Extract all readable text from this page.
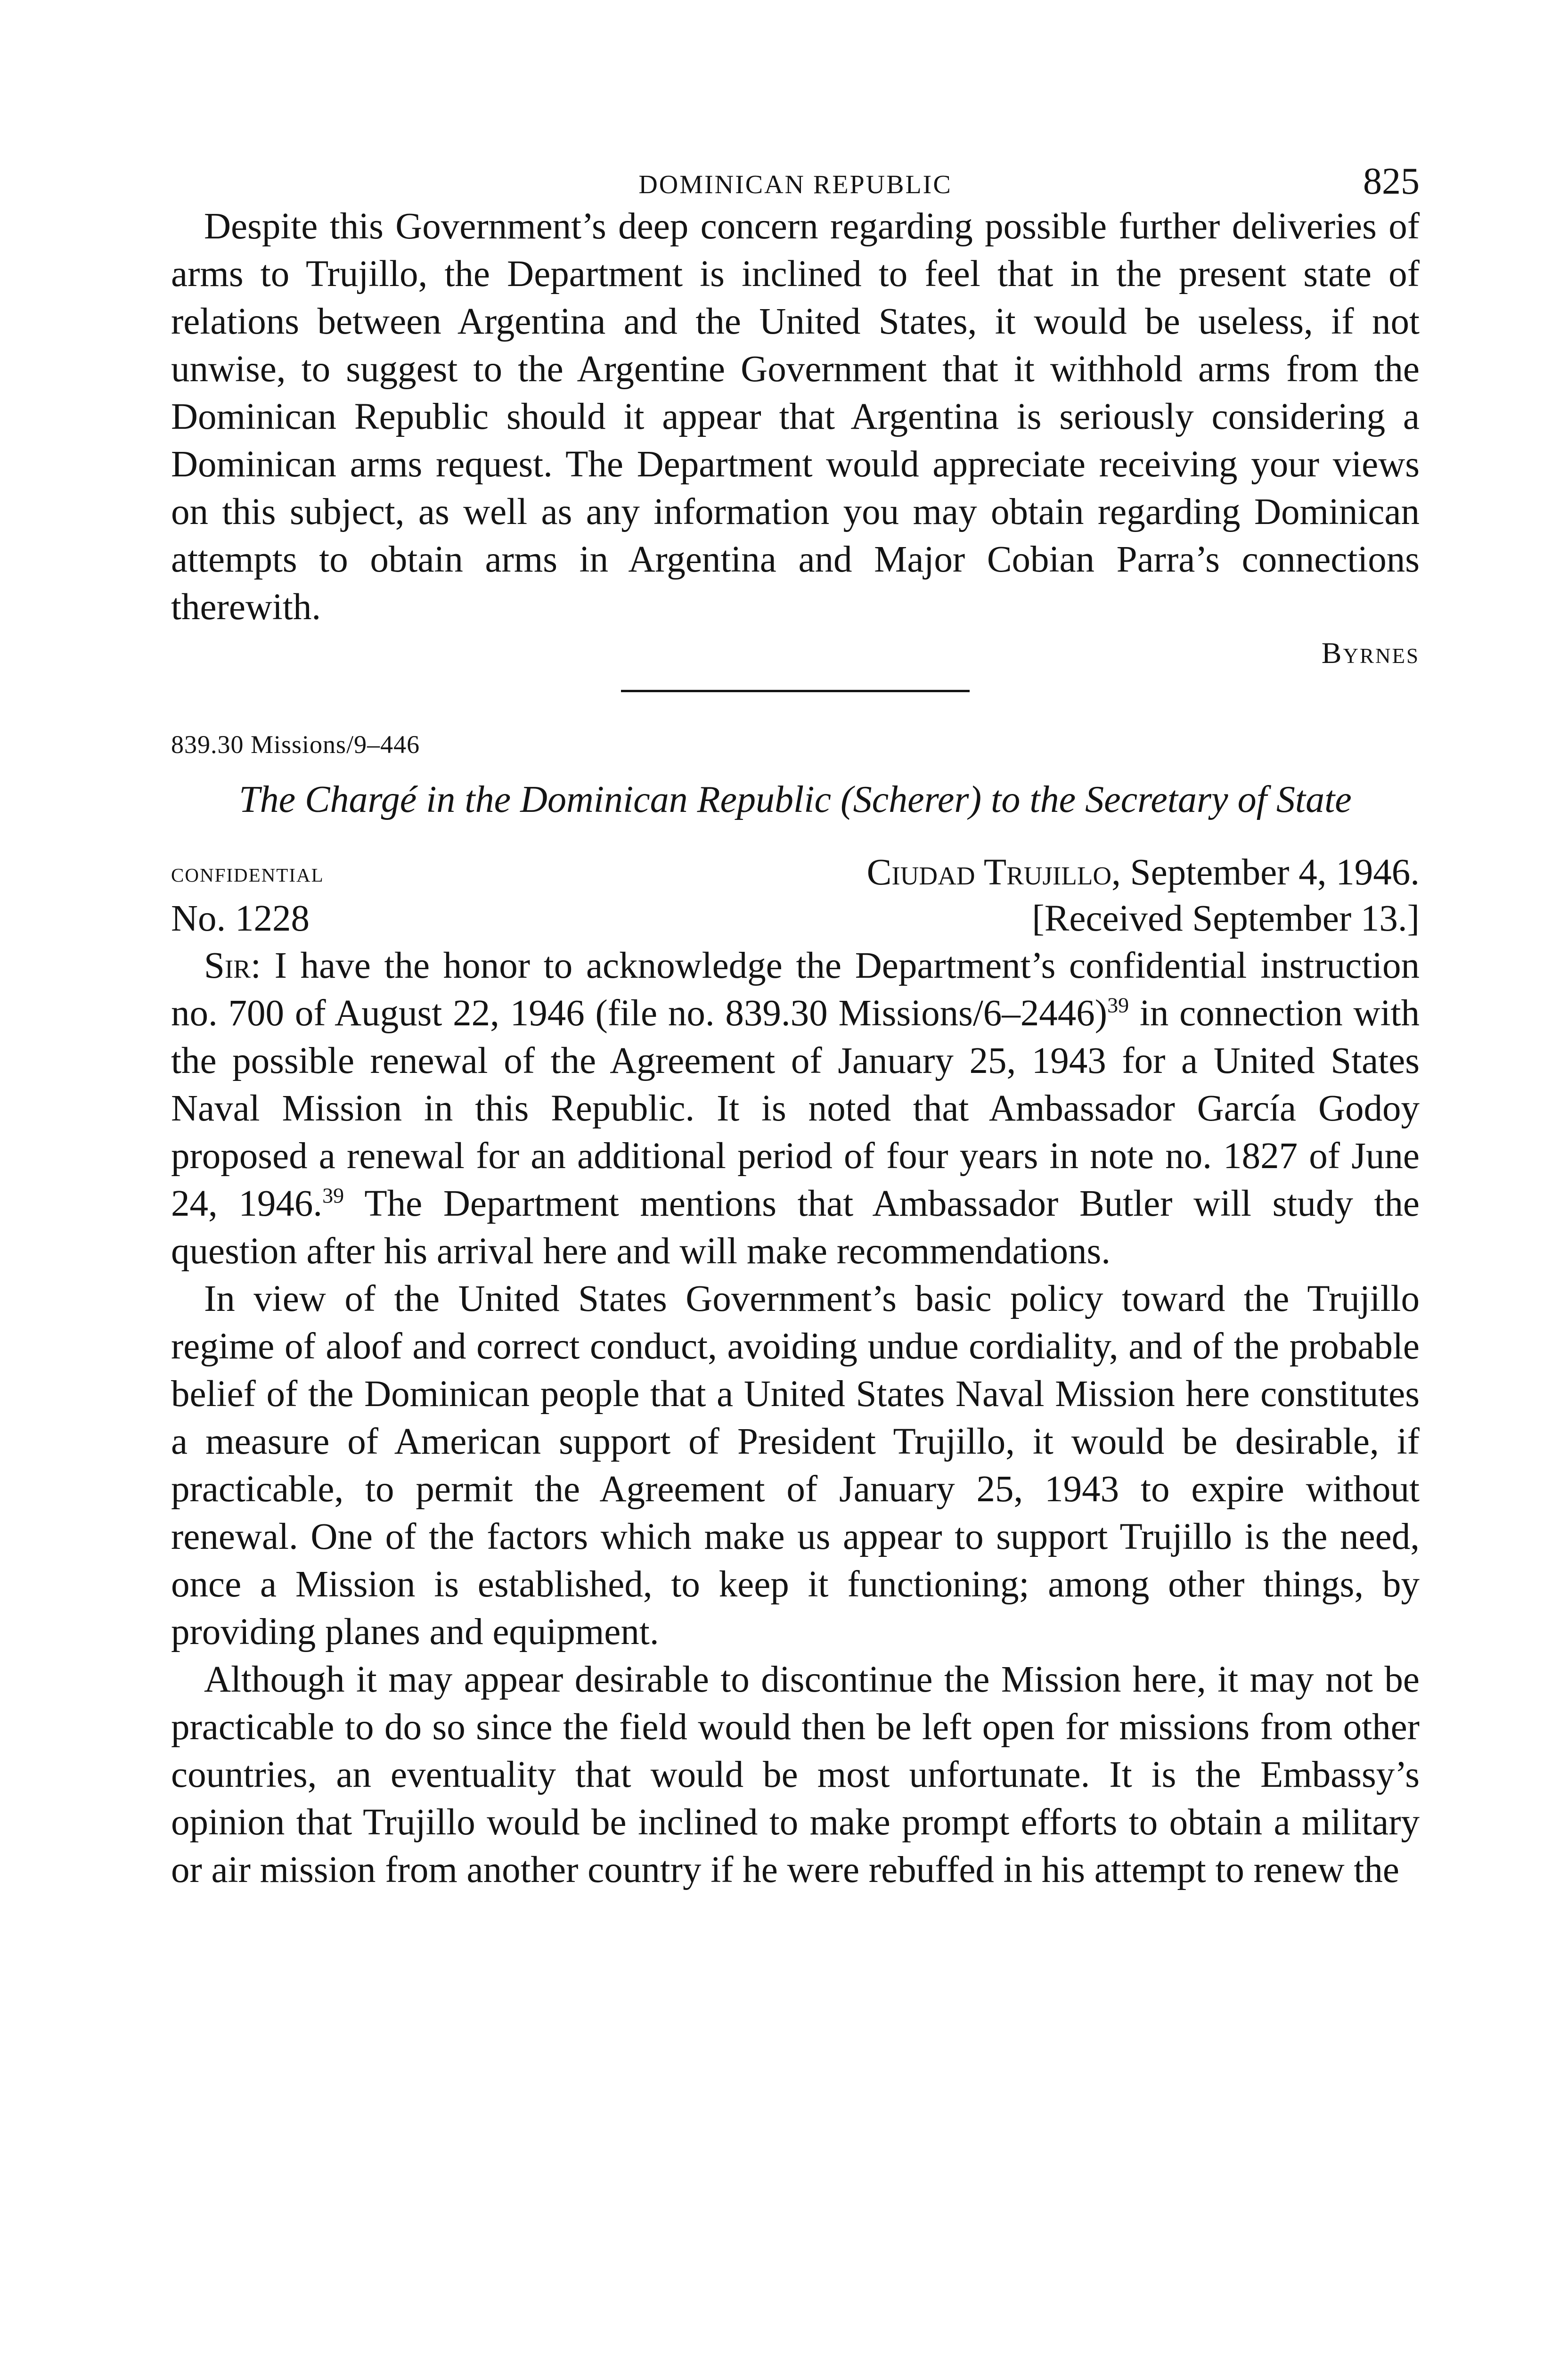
DOMINICAN REPUBLIC	825

Despite this Government’s deep concern regarding possible further deliveries of arms to Trujillo, the Department is inclined to feel that in the present state of relations between Argentina and the United States, it would be useless, if not unwise, to suggest to the Argentine Government that it withhold arms from the Dominican Republic should it appear that Argentina is seriously considering a Dominican arms request. The Department would appreciate receiving your views on this subject, as well as any information you may obtain regarding Dominican attempts to obtain arms in Argentina and Major Cobian Parra’s connections therewith.

Byrnes
839.30 Missions/9–446
The Chargé in the Dominican Republic (Scherer) to the Secretary of State
confidential	Ciudad Trujillo, September 4, 1946.
No. 1228	[Received September 13.]

Sir: I have the honor to acknowledge the Department’s confidential instruction no. 700 of August 22, 1946 (file no. 839.30 Missions/6–2446)$^{39}$ in connection with the possible renewal of the Agreement of January 25, 1943 for a United States Naval Mission in this Republic. It is noted that Ambassador García Godoy proposed a renewal for an additional period of four years in note no. 1827 of June 24, 1946.39 The Department mentions that Ambassador Butler will study the question after his arrival here and will make recommendations.

In view of the United States Government’s basic policy toward the Trujillo regime of aloof and correct conduct, avoiding undue cordiality, and of the probable belief of the Dominican people that a United States Naval Mission here constitutes a measure of American support of President Trujillo, it would be desirable, if practicable, to permit the Agreement of January 25, 1943 to expire without renewal. One of the factors which make us appear to support Trujillo is the need, once a Mission is established, to keep it functioning; among other things, by providing planes and equipment.

Although it may appear desirable to discontinue the Mission here, it may not be practicable to do so since the field would then be left open for missions from other countries, an eventuality that would be most unfortunate. It is the Embassy’s opinion that Trujillo would be inclined to make prompt efforts to obtain a military or air mission from another country if he were rebuffed in his attempt to renew the
